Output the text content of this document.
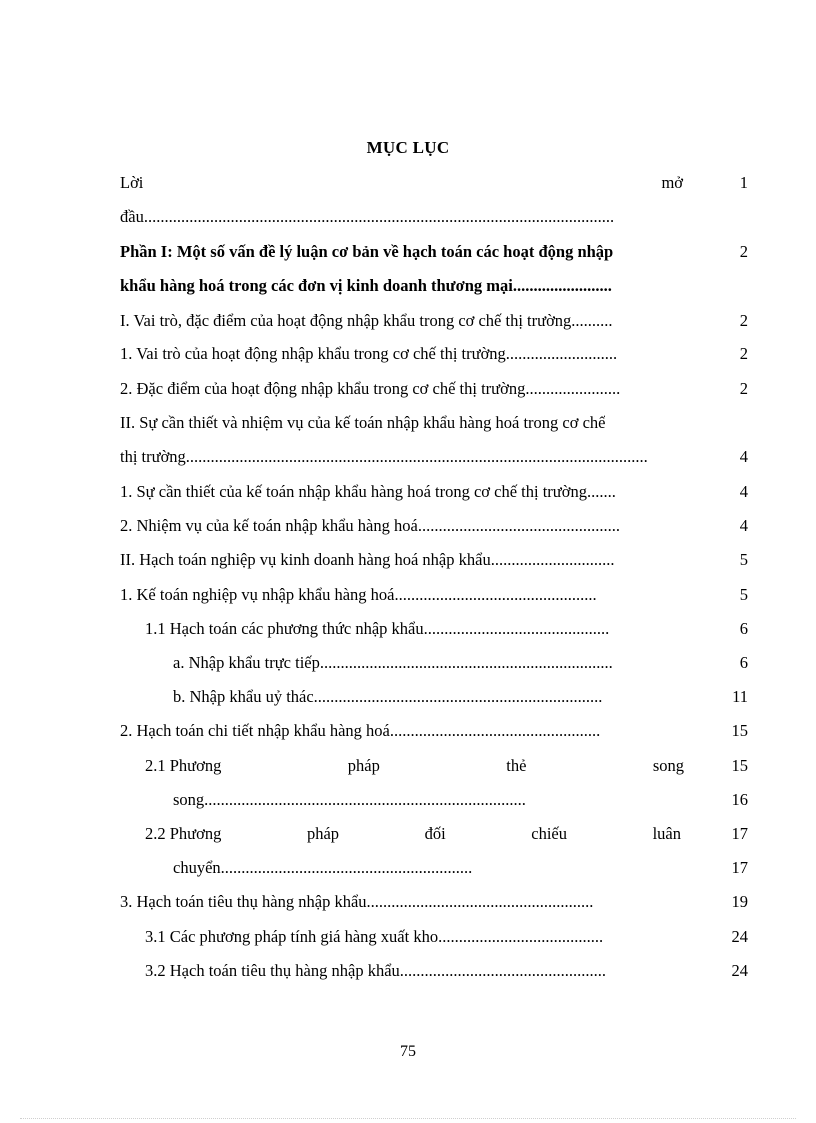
MỤC LỤC
Lời	mở	1
đầu..................................................................................................................
Phần I: Một số vấn đề lý luận cơ bản về hạch toán các hoạt động nhập	2
khẩu hàng hoá trong các đơn vị kinh doanh thương mại........................
I. Vai trò, đặc điểm của hoạt động nhập khẩu trong cơ chế thị trường..........	2
1. Vai trò của hoạt động nhập khẩu trong cơ chế thị trường...........................	2
2. Đặc điểm của hoạt động nhập khẩu trong cơ chế thị trường.......................	2
II. Sự cần thiết và nhiệm vụ của kế toán nhập khẩu hàng hoá trong cơ chế
thị trường................................................................................................................	4
1. Sự cần thiết của kế toán nhập khẩu hàng hoá trong cơ chế thị trường.......	4
2. Nhiệm vụ của kế toán nhập khẩu hàng hoá.................................................	4
II. Hạch toán nghiệp vụ kinh doanh hàng hoá nhập khẩu..............................	5
1. Kế toán nghiệp vụ nhập khẩu hàng hoá.................................................	5
1.1 Hạch toán các phương thức nhập khẩu.............................................	6
a. Nhập khẩu trực tiếp.......................................................................	6
b. Nhập khẩu uỷ thác......................................................................	11
2. Hạch toán chi tiết nhập khẩu hàng hoá...................................................	15
2.1 Phương	pháp	thẻ	song	15
song..............................................................................	16
2.2 Phương	pháp	đối	chiếu	luân	17
chuyển.............................................................	17
3. Hạch toán tiêu thụ hàng nhập khẩu.......................................................	19
3.1 Các phương pháp tính giá hàng xuất kho........................................	24
3.2 Hạch toán tiêu thụ hàng nhập khẩu..................................................	24
75
